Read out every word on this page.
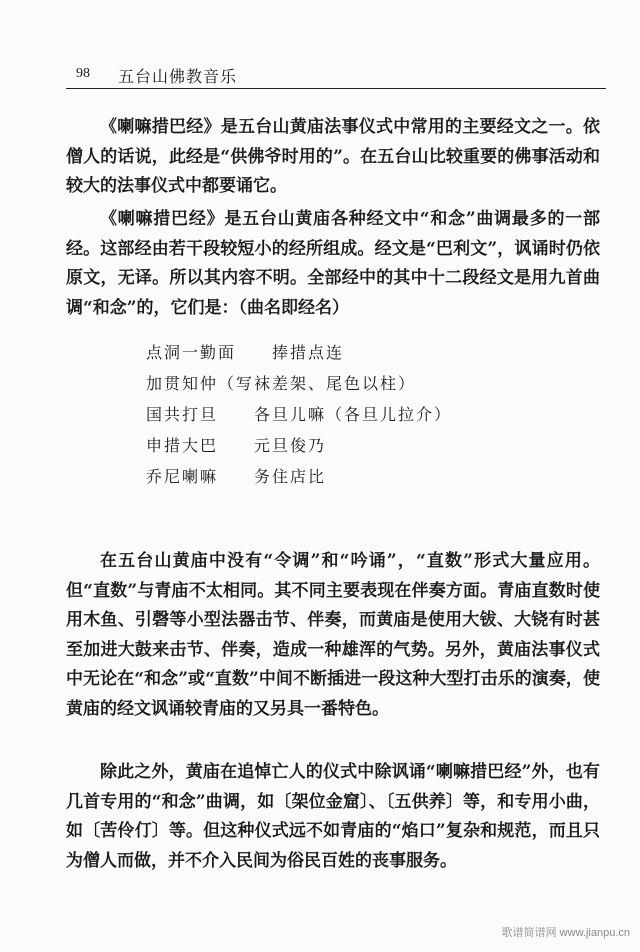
98 五台山佛教音乐

《喇嘛措巴经》是五台山黄庙法事仪式中常用的主要经文之一。依僧人的话说，此经是“供佛爷时用的”。在五台山比较重要的佛事活动和较大的法事仪式中都要诵它。

《喇嘛措巴经》是五台山黄庙各种经文中“和念”曲调最多的一部经。这部经由若干段较短小的经所组成。经文是“巴利文”，讽诵时仍依原文，无译。所以其内容不明。全部经中的其中十二段经文是用九首曲调“和念”的，它们是：（曲名即经名）

点洞一勤面　　捧措点连
加贯知仲（写袜差架、尾色以柱）
国共打旦　　各旦儿嘛（各旦儿拉介）
申措大巴　　元旦俊乃
乔尼喇嘛　　务住店比

在五台山黄庙中没有“令调”和“吟诵”，“直数”形式大量应用。但“直数”与青庙不太相同。其不同主要表现在伴奏方面。青庙直数时使用木鱼、引磬等小型法器击节、伴奏，而黄庙是使用大钹、大铙有时甚至加进大鼓来击节、伴奏，造成一种雄浑的气势。另外，黄庙法事仪式中无论在“和念”或“直数”中间不断插进一段这种大型打击乐的演奏，使黄庙的经文讽诵较青庙的又另具一番特色。

除此之外，黄庙在追悼亡人的仪式中除讽诵“喇嘛措巴经”外，也有几首专用的“和念”曲调，如〔架位金窟〕、〔五供养〕等，和专用小曲，如〔苦伶仃〕等。但这种仪式远不如青庙的“焰口”复杂和规范，而且只为僧人而做，并不介入民间为俗民百姓的丧事服务。

歌谱简谱网 www.jianpu.cn
